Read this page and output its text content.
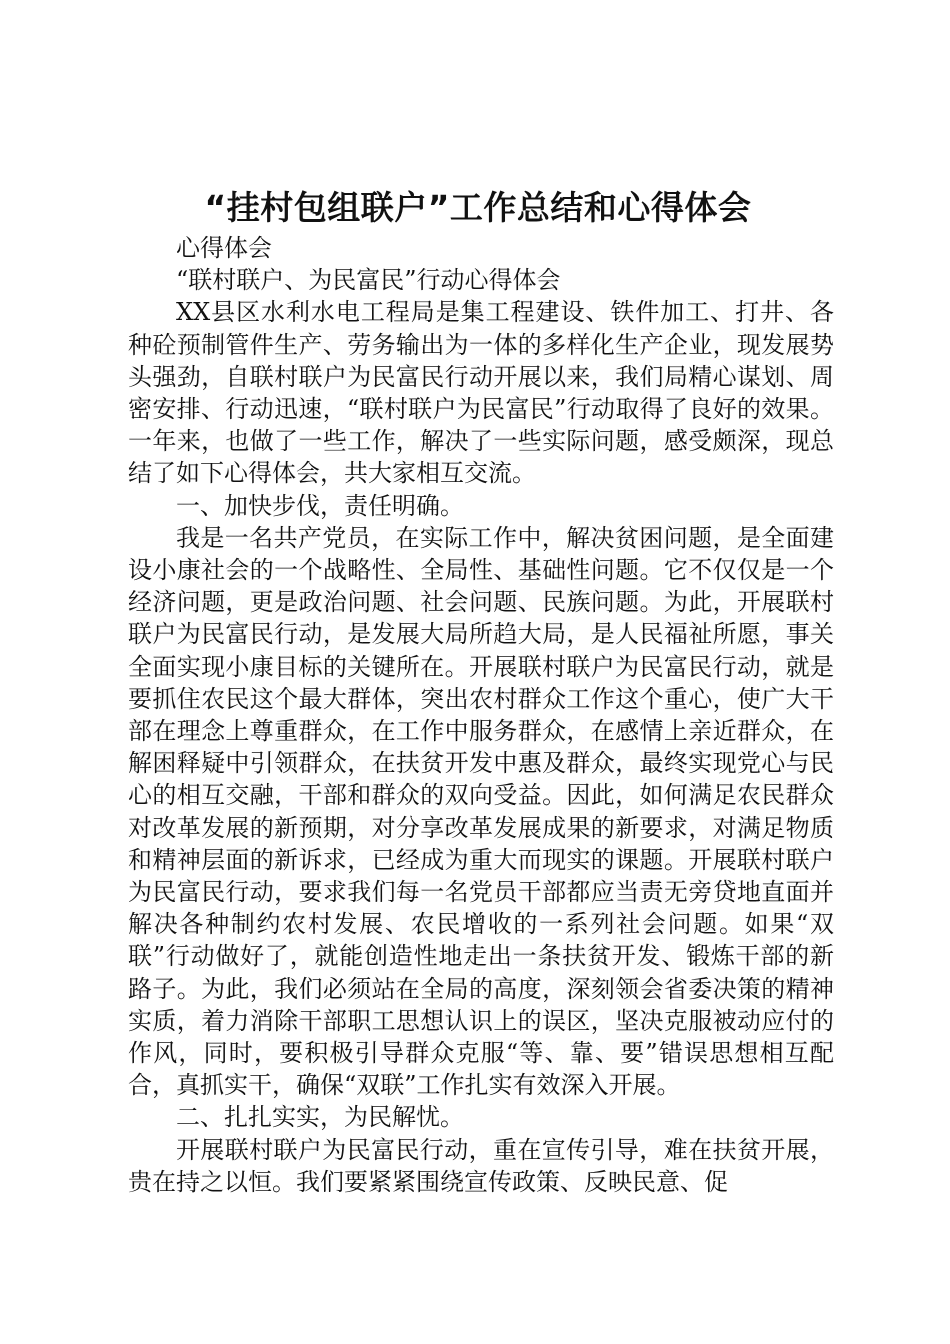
“挂村包组联户”工作总结和心得体会

心得体会

“联村联户、为民富民”行动心得体会

XX县区水利水电工程局是集工程建设、铁件加工、打井、各种砼预制管件生产、劳务输出为一体的多样化生产企业，现发展势头强劲，自联村联户为民富民行动开展以来，我们局精心谋划、周密安排、行动迅速，“联村联户为民富民”行动取得了良好的效果。一年来，也做了一些工作，解决了一些实际问题，感受颇深，现总结了如下心得体会，共大家相互交流。

一、加快步伐，责任明确。

我是一名共产党员，在实际工作中，解决贫困问题，是全面建设小康社会的一个战略性、全局性、基础性问题。它不仅仅是一个经济问题，更是政治问题、社会问题、民族问题。为此，开展联村联户为民富民行动，是发展大局所趋大局，是人民福祉所愿，事关全面实现小康目标的关键所在。开展联村联户为民富民行动，就是要抓住农民这个最大群体，突出农村群众工作这个重心，使广大干部在理念上尊重群众，在工作中服务群众，在感情上亲近群众，在解困释疑中引领群众，在扶贫开发中惠及群众，最终实现党心与民心的相互交融，干部和群众的双向受益。因此，如何满足农民群众对改革发展的新预期，对分享改革发展成果的新要求，对满足物质和精神层面的新诉求，已经成为重大而现实的课题。开展联村联户为民富民行动，要求我们每一名党员干部都应当责无旁贷地直面并解决各种制约农村发展、农民增收的一系列社会问题。如果“双联”行动做好了，就能创造性地走出一条扶贫开发、锻炼干部的新路子。为此，我们必须站在全局的高度，深刻领会省委决策的精神实质，着力消除干部职工思想认识上的误区，坚决克服被动应付的作风，同时，要积极引导群众克服“等、靠、要”错误思想相互配合，真抓实干，确保“双联”工作扎实有效深入开展。

二、扎扎实实，为民解忧。

开展联村联户为民富民行动，重在宣传引导，难在扶贫开展，贵在持之以恒。我们要紧紧围绕宣传政策、反映民意、促
